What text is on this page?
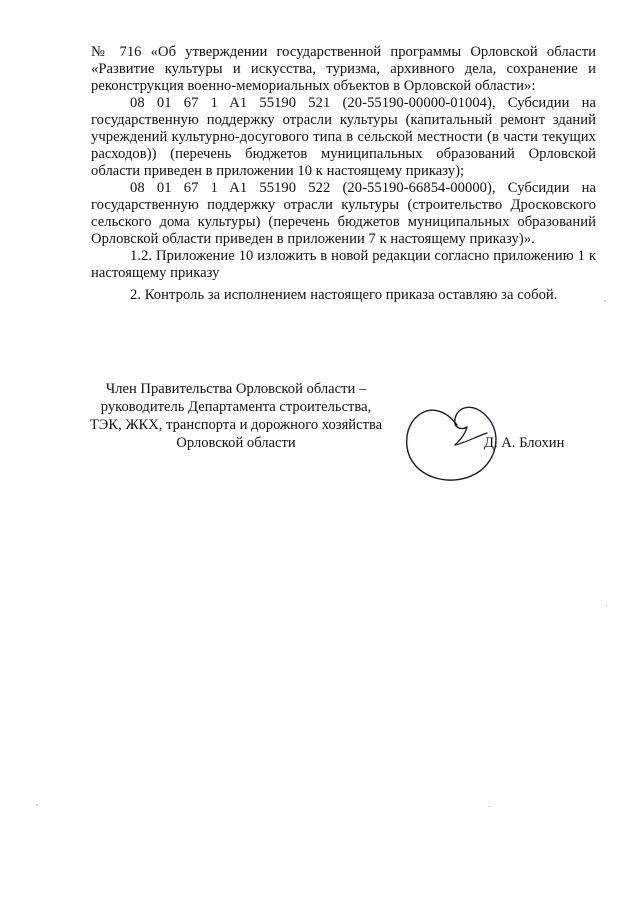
№ 716 «Об утверждении государственной программы Орловской области «Развитие культуры и искусства, туризма, архивного дела, сохранение и реконструкция военно-мемориальных объектов в Орловской области»:

08 01 67 1 A1 55190 521 (20-55190-00000-01004), Субсидии на государственную поддержку отрасли культуры (капитальный ремонт зданий учреждений культурно-досугового типа в сельской местности (в части текущих расходов)) (перечень бюджетов муниципальных образований Орловской области приведен в приложении 10 к настоящему приказу);

08 01 67 1 A1 55190 522 (20-55190-66854-00000), Субсидии на государственную поддержку отрасли культуры (строительство Дросковского сельского дома культуры) (перечень бюджетов муниципальных образований Орловской области приведен в приложении 7 к настоящему приказу)».

1.2. Приложение 10 изложить в новой редакции согласно приложению 1 к настоящему приказу

2. Контроль за исполнением настоящего приказа оставляю за собой.

Член Правительства Орловской области –
руководитель Департамента строительства,
ТЭК, ЖКХ, транспорта и дорожного хозяйства
Орловской области	Д. А. Блохин
